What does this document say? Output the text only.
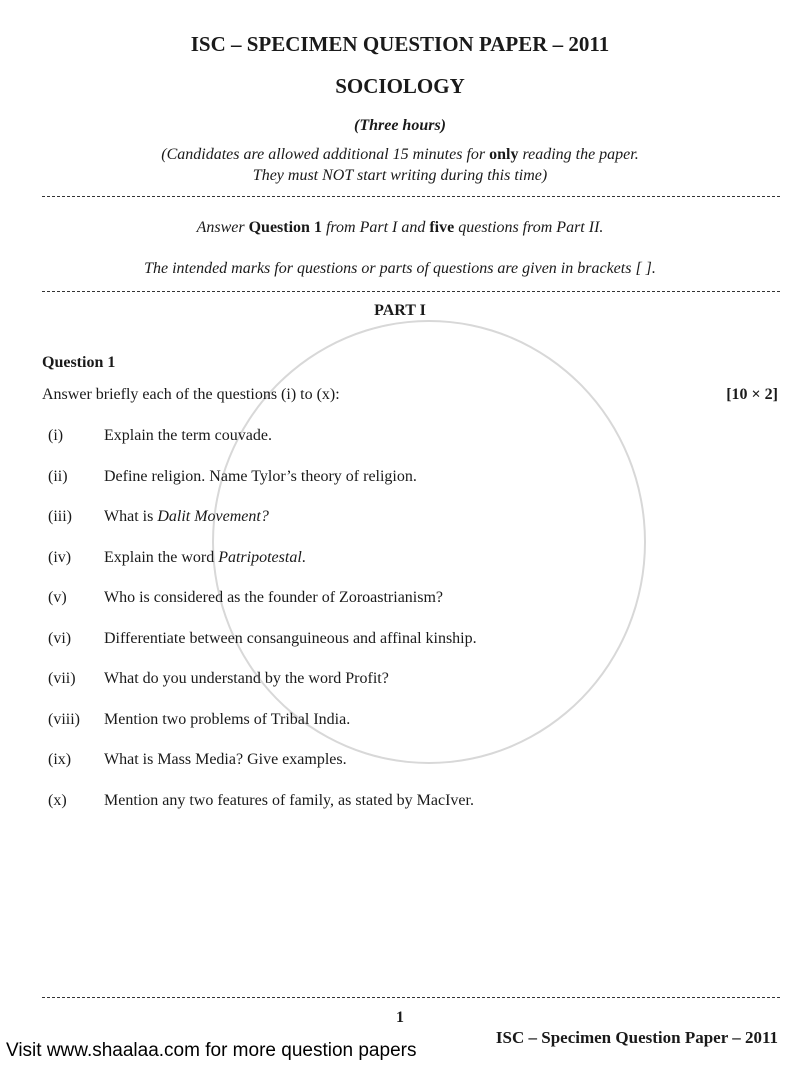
ISC – SPECIMEN QUESTION PAPER – 2011
SOCIOLOGY
(Three hours)
(Candidates are allowed additional 15 minutes for only reading the paper.
They must NOT start writing during this time)
Answer Question 1 from Part I and five questions from Part II.
The intended marks for questions or parts of questions are given in brackets [ ].
PART I
Question 1
Answer briefly each of the questions (i) to (x):	[10 × 2]
(i)	Explain the term couvade.
(ii) Define religion. Name Tylor’s theory of religion.
(iii) What is Dalit Movement?
(iv) Explain the word Patripotestal.
(v) Who is considered as the founder of Zoroastrianism?
(vi) Differentiate between consanguineous and affinal kinship.
(vii) What do you understand by the word Profit?
(viii) Mention two problems of Tribal India.
(ix) What is Mass Media? Give examples.
(x) Mention any two features of family, as stated by MacIver.
1
ISC – Specimen Question Paper – 2011
Visit www.shaalaa.com for more question papers
